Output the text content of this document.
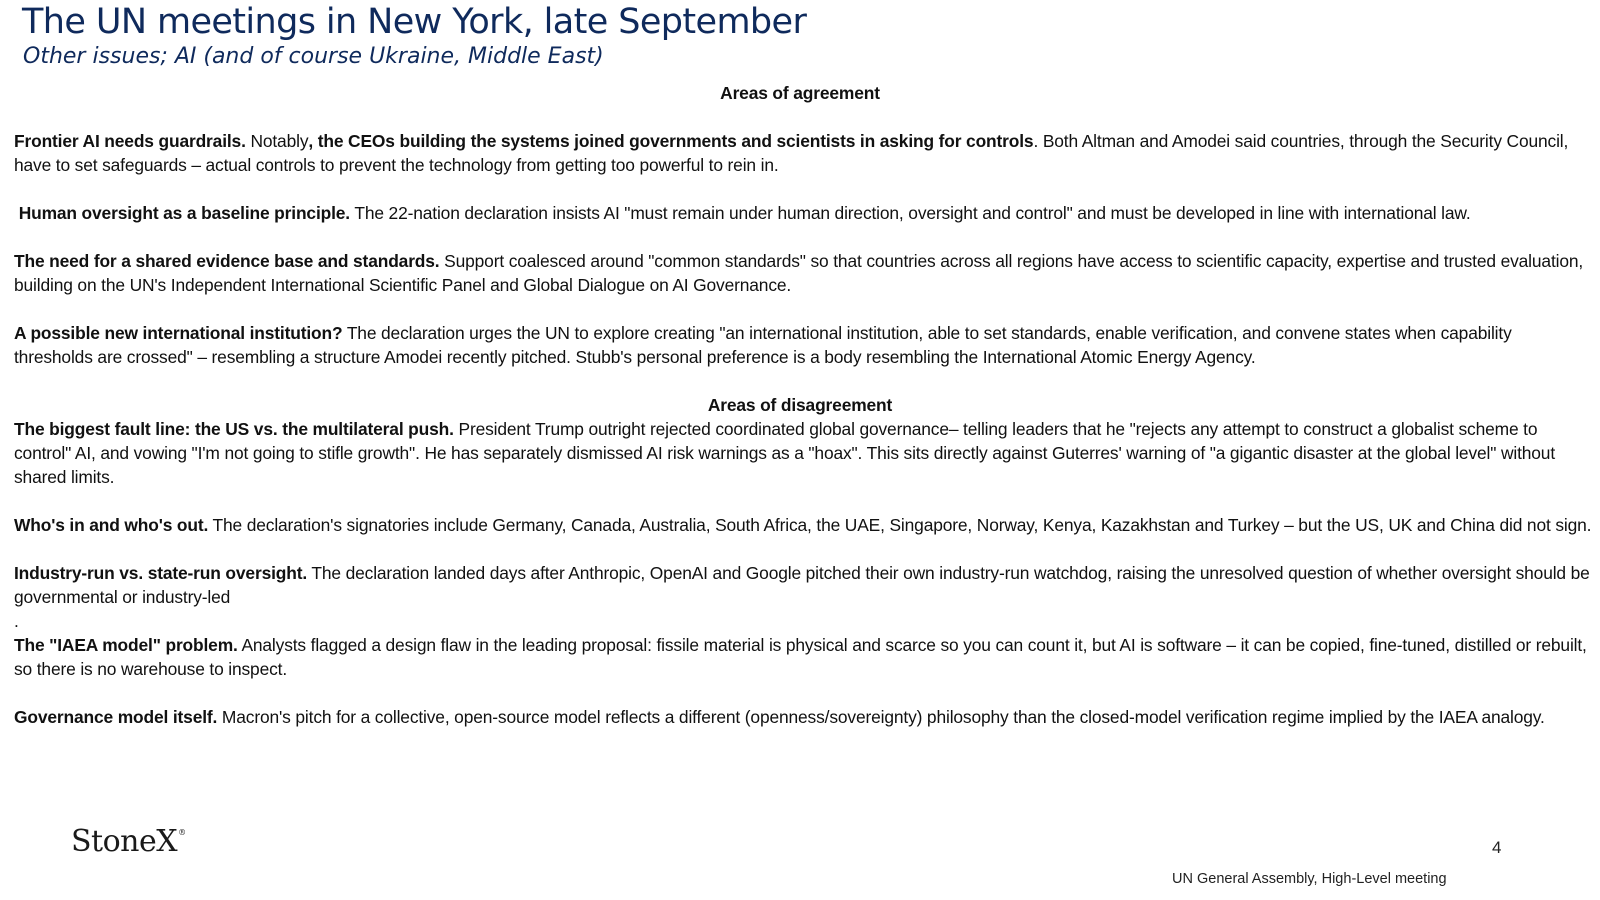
The UN meetings in New York, late September
Other issues; AI (and of course Ukraine, Middle East)

Areas of agreement

Frontier AI needs guardrails. Notably, the CEOs building the systems joined governments and scientists in asking for controls. Both Altman and Amodei said countries, through the Security Council, have to set safeguards – actual controls to prevent the technology from getting too powerful to rein in.

Human oversight as a baseline principle. The 22-nation declaration insists AI "must remain under human direction, oversight and control" and must be developed in line with international law.

The need for a shared evidence base and standards. Support coalesced around "common standards" so that countries across all regions have access to scientific capacity, expertise and trusted evaluation, building on the UN's Independent International Scientific Panel and Global Dialogue on AI Governance.

A possible new international institution? The declaration urges the UN to explore creating "an international institution, able to set standards, enable verification, and convene states when capability thresholds are crossed" – resembling a structure Amodei recently pitched. Stubb's personal preference is a body resembling the International Atomic Energy Agency.

Areas of disagreement

The biggest fault line: the US vs. the multilateral push. President Trump outright rejected coordinated global governance– telling leaders that he "rejects any attempt to construct a globalist scheme to control" AI, and vowing "I'm not going to stifle growth". He has separately dismissed AI risk warnings as a "hoax". This sits directly against Guterres' warning of "a gigantic disaster at the global level" without shared limits.

Who's in and who's out. The declaration's signatories include Germany, Canada, Australia, South Africa, the UAE, Singapore, Norway, Kenya, Kazakhstan and Turkey – but the US, UK and China did not sign.

Industry-run vs. state-run oversight. The declaration landed days after Anthropic, OpenAI and Google pitched their own industry-run watchdog, raising the unresolved question of whether oversight should be governmental or industry-led

.

The "IAEA model" problem. Analysts flagged a design flaw in the leading proposal: fissile material is physical and scarce so you can count it, but AI is software – it can be copied, fine-tuned, distilled or rebuilt, so there is no warehouse to inspect.

Governance model itself. Macron's pitch for a collective, open-source model reflects a different (openness/sovereignty) philosophy than the closed-model verification regime implied by the IAEA analogy.

StoneX®
4
UN General Assembly, High-Level meeting
